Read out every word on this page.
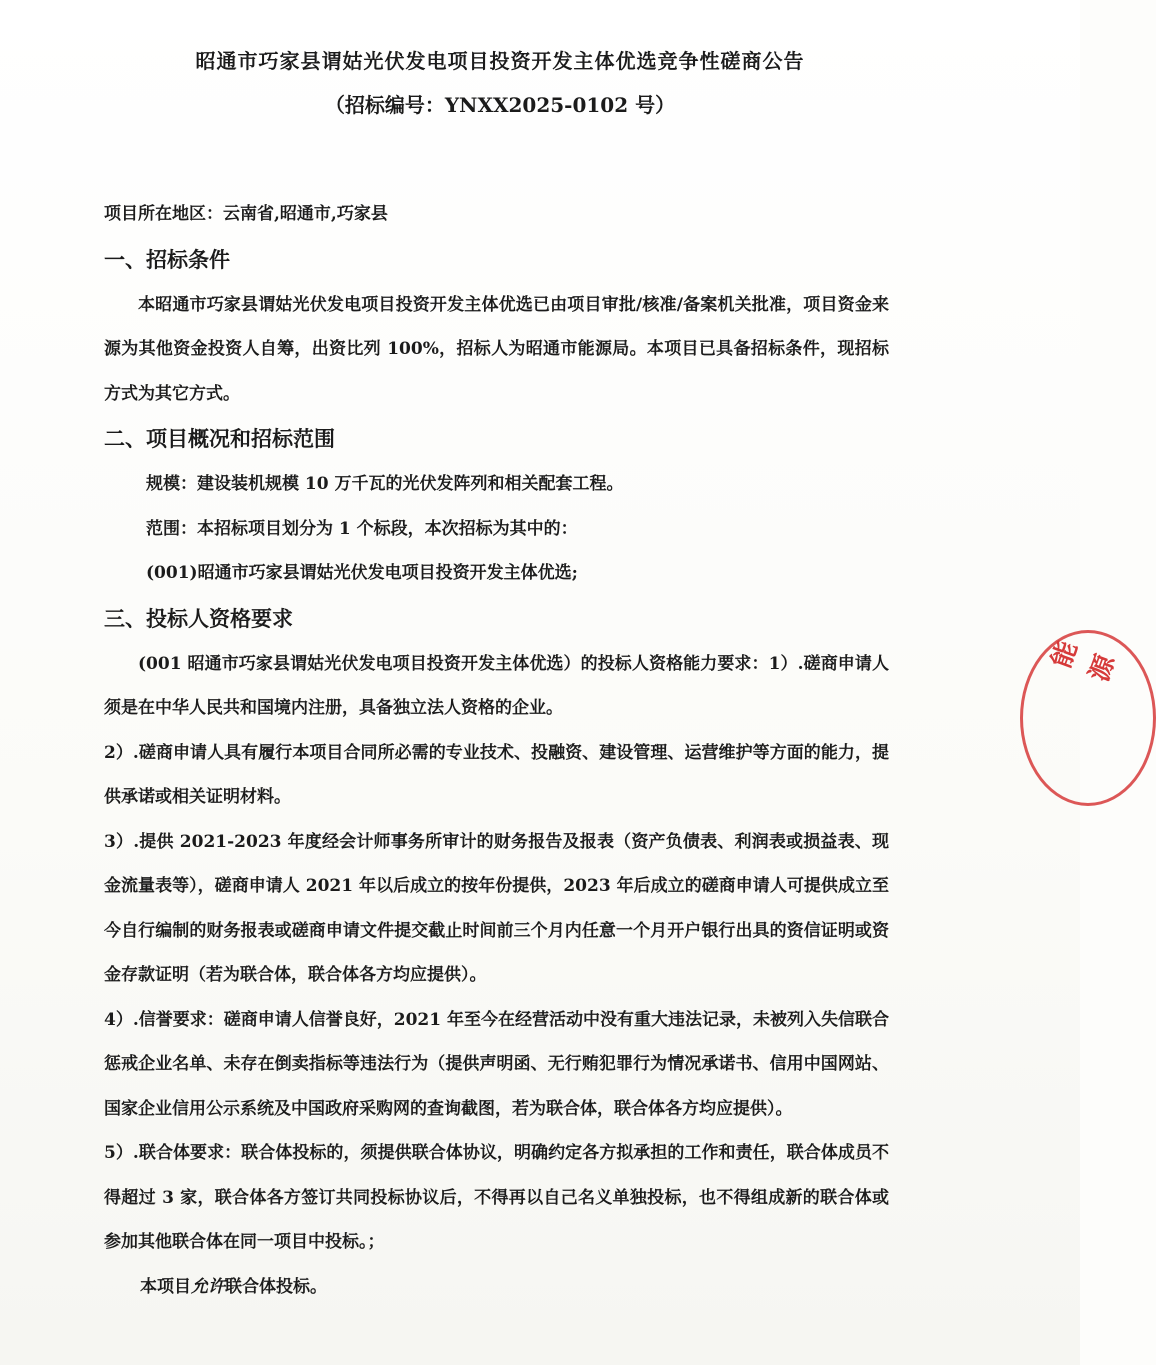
昭通市巧家县谓姑光伏发电项目投资开发主体优选竞争性磋商公告
（招标编号：YNXX2025-0102 号）

项目所在地区：云南省,昭通市,巧家县

一、招标条件

本昭通市巧家县谓姑光伏发电项目投资开发主体优选已由项目审批/核准/备案机关批准，项目资金来源为其他资金投资人自筹，出资比列 100%，招标人为昭通市能源局。本项目已具备招标条件，现招标方式为其它方式。

二、项目概况和招标范围

规模：建设装机规模 10 万千瓦的光伏发阵列和相关配套工程。

范围：本招标项目划分为 1 个标段，本次招标为其中的：

(001)昭通市巧家县谓姑光伏发电项目投资开发主体优选;

三、投标人资格要求

(001 昭通市巧家县谓姑光伏发电项目投资开发主体优选）的投标人资格能力要求：1）.磋商申请人须是在中华人民共和国境内注册，具备独立法人资格的企业。

2）.磋商申请人具有履行本项目合同所必需的专业技术、投融资、建设管理、运营维护等方面的能力，提供承诺或相关证明材料。

3）.提供 2021-2023 年度经会计师事务所审计的财务报告及报表（资产负债表、利润表或损益表、现金流量表等），磋商申请人 2021 年以后成立的按年份提供，2023 年后成立的磋商申请人可提供成立至今自行编制的财务报表或磋商申请文件提交截止时间前三个月内任意一个月开户银行出具的资信证明或资金存款证明（若为联合体，联合体各方均应提供）。

4）.信誉要求：磋商申请人信誉良好，2021 年至今在经营活动中没有重大违法记录，未被列入失信联合惩戒企业名单、未存在倒卖指标等违法行为（提供声明函、无行贿犯罪行为情况承诺书、信用中国网站、国家企业信用公示系统及中国政府采购网的查询截图，若为联合体，联合体各方均应提供）。

5）.联合体要求：联合体投标的，须提供联合体协议，明确约定各方拟承担的工作和责任，联合体成员不得超过 3 家，联合体各方签订共同投标协议后，不得再以自己名义单独投标，也不得组成新的联合体或参加其他联合体在同一项目中投标。；

本项目允许联合体投标。

能源
